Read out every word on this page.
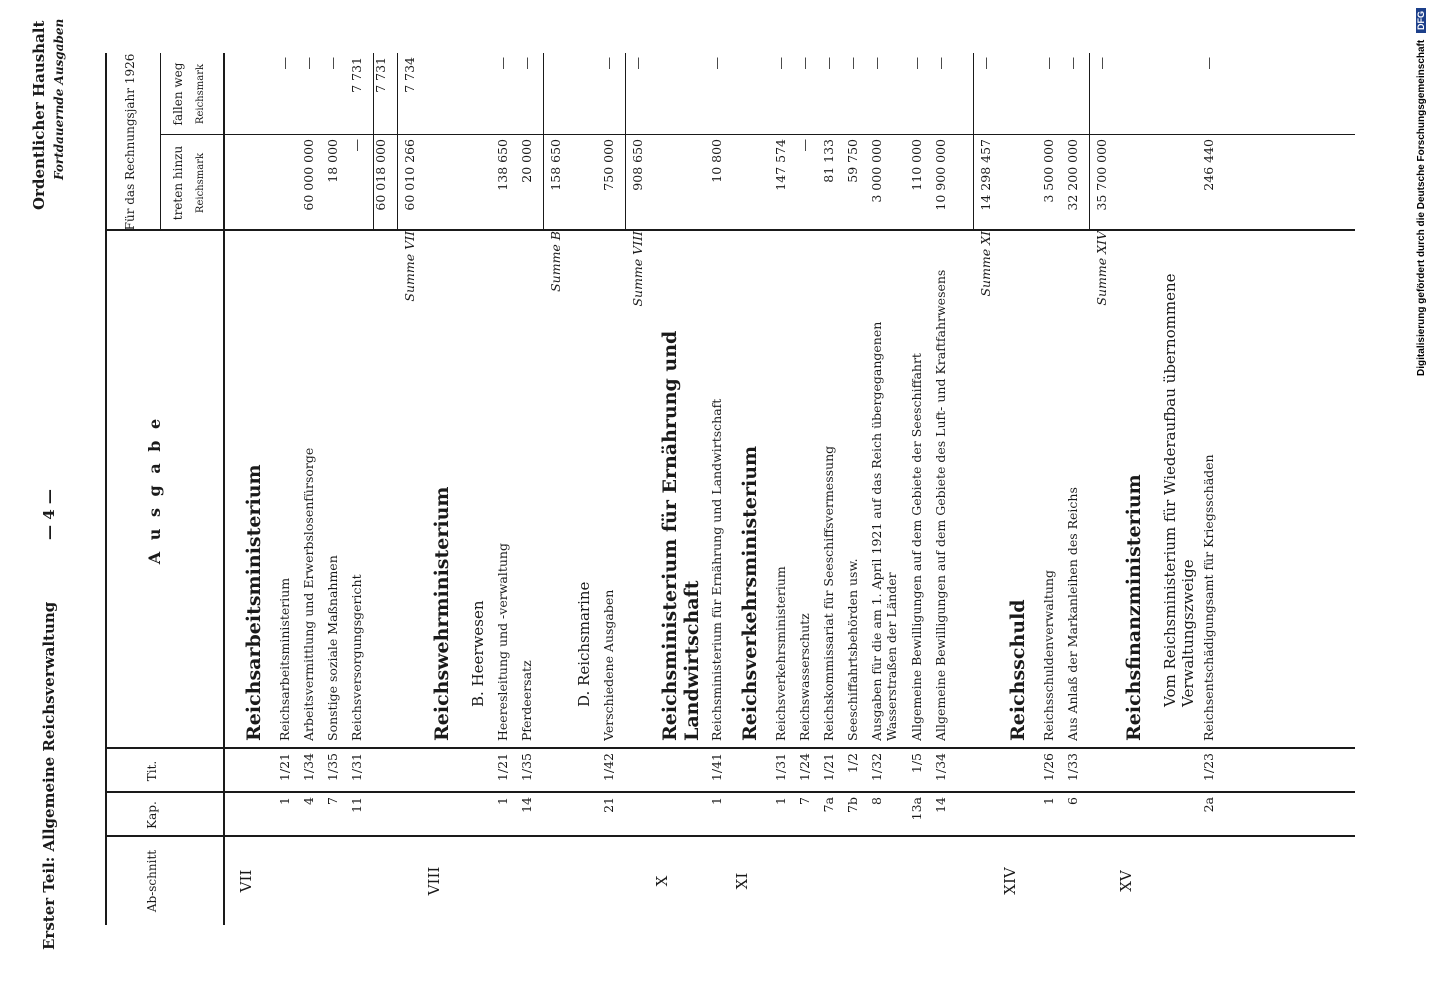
Erster Teil: Allgemeine Reichsverwaltung
— 4 —
Ordentlicher Haushalt Fortdauernde Ausgaben
Ab-schnitt
Kap.
Tit.
A u s g a b e
Für das Rechnungsjahr 1926	treten hinzu
fallen weg
Reichsmark
Reichsmark
VII
Reichsarbeitsministerium
1
1/21
Reichsarbeitsministerium
—
4
1/34
Arbeitsvermittlung und Erwerbslosenfürsorge
60 000 000
—
7
1/35
Sonstige soziale Maßnahmen
18 000
—
11
1/31
Reichsversorgungsgericht
—
7 731
60 018 000
7 731
Summe VII
60 010 266
7 734
VIII
Reichswehrministerium B. Heerwesen
1
1/21
Heeresleitung und -verwaltung
138 650
—
14
1/35
Pferdeersatz
20 000
—
Summe B
158 650
D. Reichsmarine
21
1/42
Verschiedene Ausgaben
750 000
—
Summe VIII
908 650
—
X
Reichsministerium für Ernährung und Landwirtschaft
1
1/41
Reichsministerium für Ernährung und Landwirtschaft
10 800
—
XI
Reichsverkehrsministerium
1
1/31
Reichsverkehrsministerium
147 574
—
7
1/24
Reichswasserschutz
—
—
7a
1/21
Reichskommissariat für Seeschiffsvermessung
81 133
—
7b
1/2
Seeschiffahrtsbehörden usw.
59 750
—
8
1/32
Ausgaben für die am 1. April 1921 auf das Reich übergegangenen Wasserstraßen der Länder
3 000 000
—
13a
1/5
Allgemeine Bewilligungen auf dem Gebiete der Seeschiffahrt
110 000
—
14
1/34
Allgemeine Bewilligungen auf dem Gebiete des Luft- und Kraftfahrwesens
10 900 000
—
Summe XI
14 298 457
—
XIV
Reichsschuld
1
1/26
Reichsschuldenverwaltung
3 500 000
—
6
1/33
Aus Anlaß der Markanleihen des Reichs
32 200 000
—
Summe XIV
35 700 000
—
XV
Reichsfinanzministerium Vom Reichsministerium für Wiederaufbau übernommene Verwaltungszweige
2a
1/23
Reichsentschädigungsamt für Kriegsschäden
246 440
—	Digitalisierung gefördert durch die Deutsche Forschungsgemeinschaft DFG
